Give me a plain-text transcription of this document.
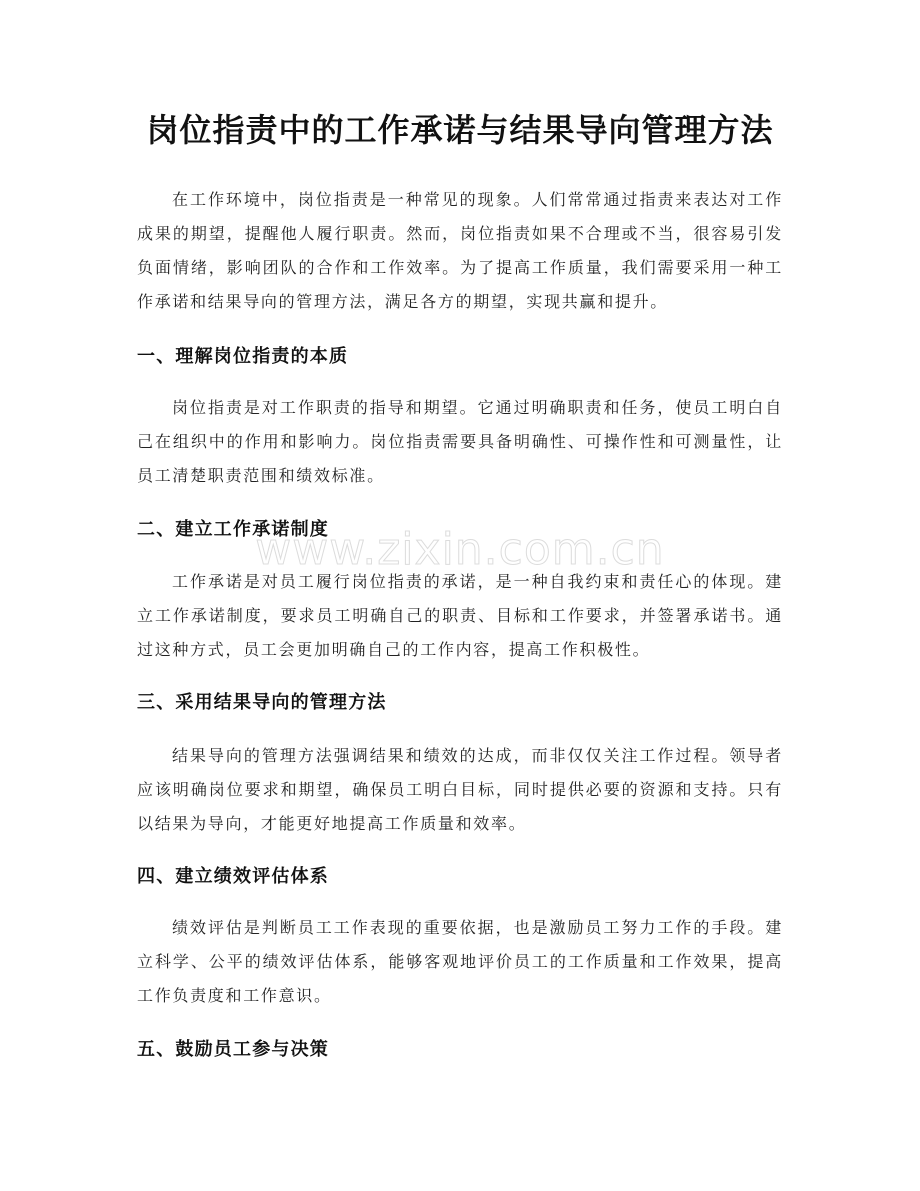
www.zixin.com.cn
岗位指责中的工作承诺与结果导向管理方法

在工作环境中，岗位指责是一种常见的现象。人们常常通过指责来表达对工作成果的期望，提醒他人履行职责。然而，岗位指责如果不合理或不当，很容易引发负面情绪，影响团队的合作和工作效率。为了提高工作质量，我们需要采用一种工作承诺和结果导向的管理方法，满足各方的期望，实现共赢和提升。

一、理解岗位指责的本质

岗位指责是对工作职责的指导和期望。它通过明确职责和任务，使员工明白自己在组织中的作用和影响力。岗位指责需要具备明确性、可操作性和可测量性，让员工清楚职责范围和绩效标准。

二、建立工作承诺制度

工作承诺是对员工履行岗位指责的承诺，是一种自我约束和责任心的体现。建立工作承诺制度，要求员工明确自己的职责、目标和工作要求，并签署承诺书。通过这种方式，员工会更加明确自己的工作内容，提高工作积极性。

三、采用结果导向的管理方法

结果导向的管理方法强调结果和绩效的达成，而非仅仅关注工作过程。领导者应该明确岗位要求和期望，确保员工明白目标，同时提供必要的资源和支持。只有以结果为导向，才能更好地提高工作质量和效率。

四、建立绩效评估体系

绩效评估是判断员工工作表现的重要依据，也是激励员工努力工作的手段。建立科学、公平的绩效评估体系，能够客观地评价员工的工作质量和工作效果，提高工作负责度和工作意识。

五、鼓励员工参与决策
